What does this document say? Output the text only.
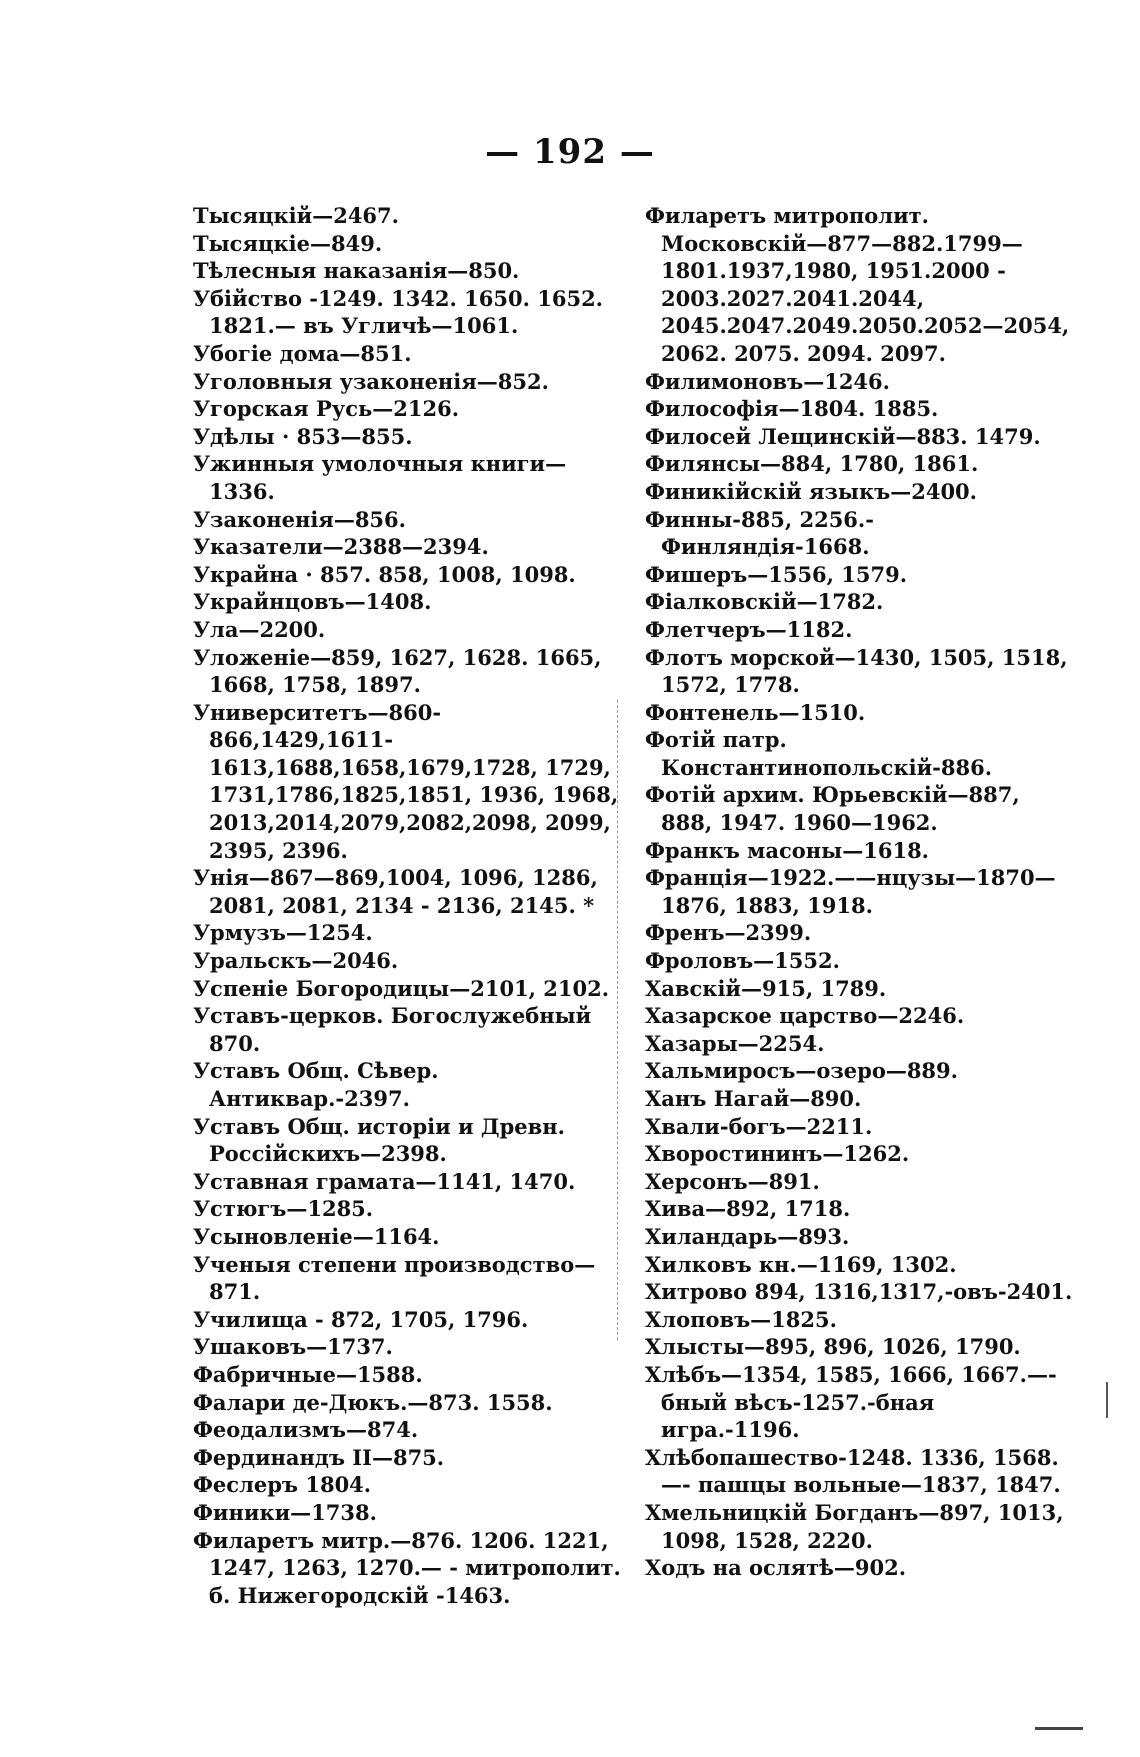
— 192 —
Тысяцкій—2467.
Тысяцкіе—849.
Тѣлесныя наказанія—850.
Убійство -1249. 1342. 1650. 1652. 1821.— въ Угличѣ—1061.
Убогіе дома—851.
Уголовныя узаконенія—852.
Угорская Русь—2126.
Удѣлы · 853—855.
Ужинныя умолочныя книги—1336.
Узаконенія—856.
Указатели—2388—2394.
Украйна · 857. 858, 1008, 1098.
Украйнцовъ—1408.
Ула—2200.
Уложеніе—859, 1627, 1628. 1665, 1668, 1758, 1897.
Университетъ—860-866,1429,1611-1613,1688,1658,1679,1728, 1729, 1731,1786,1825,1851, 1936, 1968, 2013,2014,2079,2082,2098, 2099, 2395, 2396.
Унія—867—869,1004, 1096, 1286, 2081, 2081, 2134 - 2136, 2145. *
Урмузъ—1254.
Уральскъ—2046.
Успеніе Богородицы—2101, 2102.
Уставъ-церков. Богослужебный 870.
Уставъ Общ. Сѣвер. Антиквар.-2397.
Уставъ Общ. исторіи и Древн. Россійскихъ—2398.
Уставная грамата—1141, 1470.
Устюгъ—1285.
Усыновленіе—1164.
Ученыя степени производство—871.
Училища - 872, 1705, 1796.
Ушаковъ—1737.
Фабричные—1588.
Фалари де-Дюкъ.—873. 1558.
Феодализмъ—874.
Фердинандъ II—875.
Феслеръ 1804.
Финики—1738.
Филаретъ митр.—876. 1206. 1221, 1247, 1263, 1270.— - митрополит. б. Нижегородскій -1463.
Филаретъ митрополит. Московскій—877—882.1799—1801.1937,1980, 1951.2000 - 2003.2027.2041.2044, 2045.2047.2049.2050.2052—2054, 2062. 2075. 2094. 2097.
Филимоновъ—1246.
Философія—1804. 1885.
Филосей Лещинскій—883. 1479.
Филянсы—884, 1780, 1861.
Финикійскій языкъ—2400.
Финны-885, 2256.-Финляндія-1668.
Фишеръ—1556, 1579.
Фіалковскій—1782.
Флетчеръ—1182.
Флотъ морской—1430, 1505, 1518, 1572, 1778.
Фонтенель—1510.
Фотій патр. Константинопольскій-886.
Фотій архим. Юрьевскій—887, 888, 1947. 1960—1962.
Франкъ масоны—1618.
Франція—1922.——нцузы—1870—1876, 1883, 1918.
Френъ—2399.
Фроловъ—1552.
Хавскій—915, 1789.
Хазарское царство—2246.
Хазары—2254.
Хальмиросъ—озеро—889.
Ханъ Нагай—890.
Хвали-богъ—2211.
Хворостининъ—1262.
Херсонъ—891.
Хива—892, 1718.
Хиландарь—893.
Хилковъ кн.—1169, 1302.
Хитрово 894, 1316,1317,-овъ-2401.
Хлоповъ—1825.
Хлысты—895, 896, 1026, 1790.
Хлѣбъ—1354, 1585, 1666, 1667.—-бный вѣсъ-1257.-бная игра.-1196.
Хлѣбопашество-1248. 1336, 1568.—- пашцы вольные—1837, 1847.
Хмельницкій Богданъ—897, 1013, 1098, 1528, 2220.
Ходъ на ослятѣ—902.
